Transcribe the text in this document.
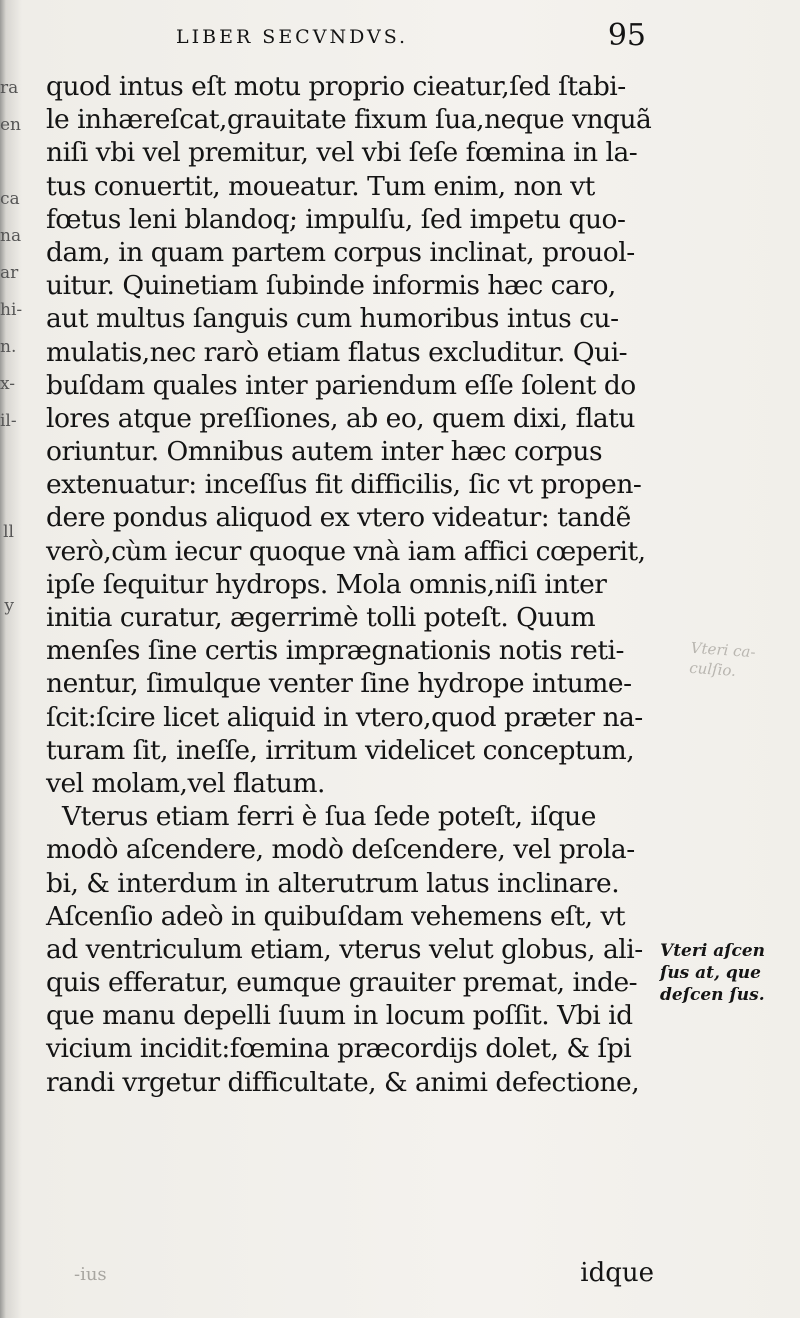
ra
en
ca
na
ar
hi-
n.
x-
il-
ll
y
LIBER SECVNDVS.	95
quod intus eſt motu proprio cieatur,ſed ſtabi-
le inhæreſcat,grauitate fixum ſua,neque vnquã
niſi vbi vel premitur, vel vbi ſeſe fœmina in la-
tus conuertit, moueatur. Tum enim, non vt
fœtus leni blandoq; impulſu, ſed impetu quo-
dam, in quam partem corpus inclinat, prouol-
uitur. Quinetiam ſubinde informis hæc caro,
aut multus ſanguis cum humoribus intus cu-
mulatis,nec rarò etiam flatus excluditur. Qui-
buſdam quales inter pariendum eſſe ſolent do
lores atque preſſiones, ab eo, quem dixi, flatu
oriuntur. Omnibus autem inter hæc corpus
extenuatur: inceſſus fit difficilis, ſic vt propen-
dere pondus aliquod ex vtero videatur: tandẽ
verò,cùm iecur quoque vnà iam affici cœperit,
ipſe ſequitur hydrops. Mola omnis,niſi inter
initia curatur, ægerrimè tolli poteſt. Quum
menſes ſine certis imprægnationis notis reti-
nentur, ſimulque venter ſine hydrope intume-
ſcit:ſcire licet aliquid in vtero,quod præter na-
turam ſit, ineſſe, irritum videlicet conceptum,
vel molam,vel flatum.
Vterus etiam ferri è ſua ſede poteſt, iſque
modò aſcendere, modò deſcendere, vel prola-
bi, & interdum in alterutrum latus inclinare.
Aſcenſio adeò in quibuſdam vehemens eſt, vt
ad ventriculum etiam, vterus velut globus, ali-
quis efferatur, eumque grauiter premat, inde-
que manu depelli ſuum in locum poſſit. Vbi id
vicium incidit:fœmina præcordijs dolet, & ſpi
randi vrgetur difficultate, & animi defectione,
Vteri ca-
culſio.
Vteri aſcen
ſus at, que
deſcen ſus.
-ius	idque
